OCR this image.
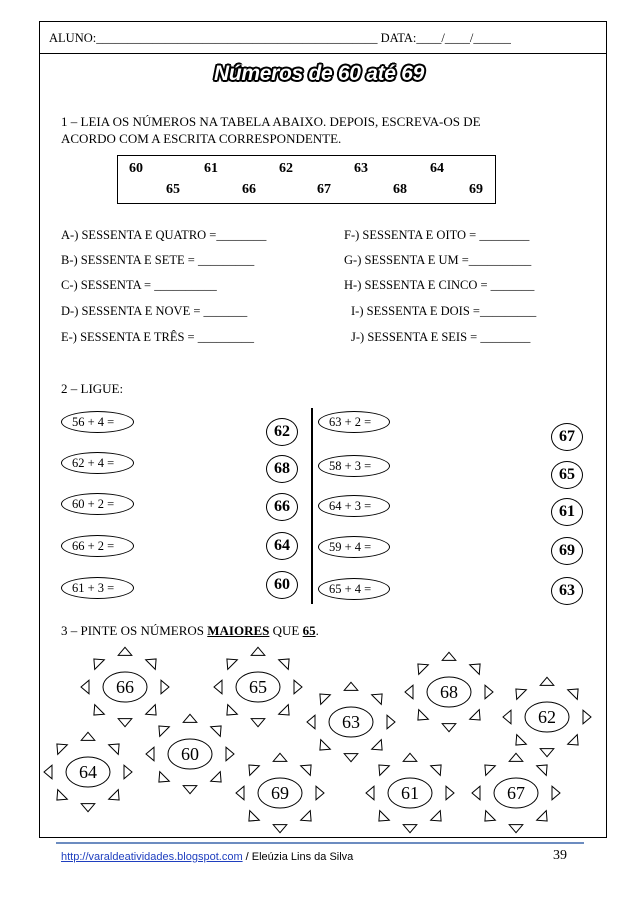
ALUNO:_____________________________________________ DATA:____/____/______
Números de 60 até 69
1 – LEIA OS NÚMEROS NA TABELA ABAIXO. DEPOIS, ESCREVA-OS DE
ACORDO COM A ESCRITA CORRESPONDENTE.
60	61	62	63	64
65	66	67	68	69
A-) SESSENTA E QUATRO =________
B-) SESSENTA E SETE = _________
C-) SESSENTA = __________
D-) SESSENTA E NOVE = _______
E-) SESSENTA E TRÊS = _________
F-) SESSENTA E OITO = ________
G-) SESSENTA E UM =__________
H-) SESSENTA E CINCO = _______
I-) SESSENTA E DOIS =_________
J-) SESSENTA E SEIS = ________
2 – LIGUE:
56 + 4 =
62 + 4 =
60 + 2 =
66 + 2 =
61 + 3 =
62
68
66
64
60
63 + 2 =
58 + 3 =
64 + 3 =
59 + 4 =
65 + 4 =
67
65
61
69
63
3 – PINTE OS NÚMEROS MAIORES QUE 65.
66	65
63
68
62
64
60
69	61	67
http://varaldeatividades.blogspot.com / Eleúzia Lins da Silva	39
